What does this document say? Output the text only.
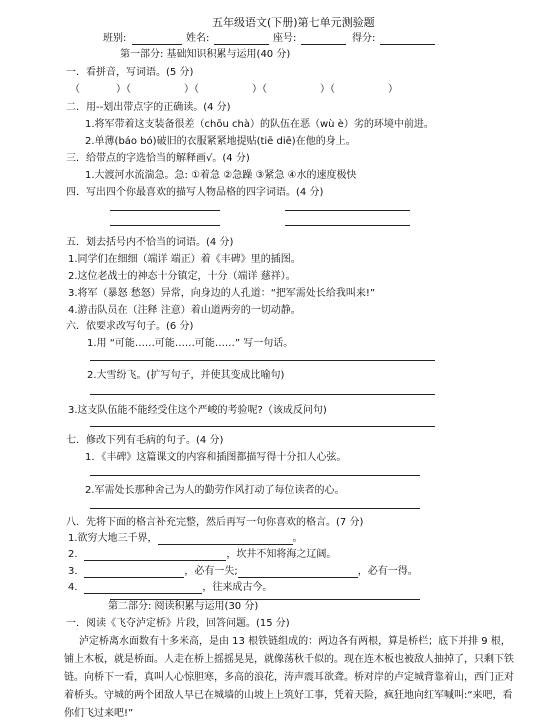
五年级语文(下册)第七单元测验题
班别:	姓名:	座号:	得分:
第一部分: 基础知识积累与运用(40 分)
一．看拼音，写词语。(5 分)
（	）（	）（	）（	）（	）
二．用--划出带点字的正确读。(4 分)
1.将军带着这支装备很差（chōu chà）的队伍在恶（wù è）劣的环境中前进。
2.单薄(báo bó)破旧的衣服紧紧地提贴(tiē diē)在他的身上。
三．给带点的字选恰当的解释画√。(4 分)
1.大渡河水流湍急。急: ①着急 ②急躁 ③紧急 ④水的速度极快
四．写出四个你最喜欢的描写人物品格的四字词语。(4 分)
五．划去括号内不恰当的词语。(4 分)
1.同学们在细细（端详 端正）着《丰碑》里的插图。
2.这位老战士的神态十分镇定，十分（端详 慈祥）。
3.将军（暴怒 愁怒）异常，向身边的人孔道：“把军需处长给我叫来!”
4.游击队员在（注释 注意）着山道两旁的一切动静。
六．依要求改写句子。(6 分)
1.用 “可能……可能……可能……” 写一句话。
2.大雪纷飞。(扩写句子，并使其变成比喻句)
3.这支队伍能不能经受住这个严峻的考验呢?（该成反问句)
七．修改下列有毛病的句子。(4 分)
1．《丰碑》这篇课文的内容和插图都描写得十分扣人心弦。
2.军需处长那种舍己为人的勤劳作风打动了每位读者的心。
八．先将下面的格言补充完整，然后再写一句你喜欢的格言。(7 分)
1.欲穷大地三千界，	。
2．	，坎井不知将海之辽阔。
3．	，必有一失;	，必有一得。
4．	，往来成古今。
第二部分: 阅读积累与运用(30 分)
一．阅读《飞夺泸定桥》片段，回答问题。(15 分)
泸定桥离水面数有十多米高，是由 13 根铁链组成的：两边各有两根，算是桥栏；底下并排 9 根，铺上木板，就是桥面。人走在桥上摇摇晃晃，就像荡秋千似的。现在连木板也被敌人抽掉了，只剩下铁链。向桥下一看，真叫人心惊胆寒，多高的浪花，涛声震耳欲聋。桥对岸的卢定城背靠着山，西门正对着桥头。守城的两个团敌人早已在城墙的山坡上上筑好工事，凭着天险，疯狂地向红军喊叫:“来吧，看你们飞过来吧!”
